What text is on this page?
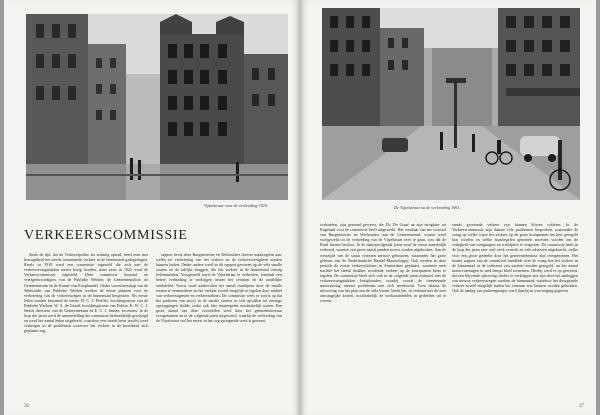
Vijzelstraat voor de verbreding 1916.
VERKEERSCOMMISSIE

Sinds de tijd, dat de Verkeerspolitie als zodanig optrad, heeft men met bezorgdheid het steeds toenemende verkeer in de binnenstad gadegeslagen. Reeds in 1910 werd een commissie ingesteld die zich met de verkeersvraagstukken moest bezig houden, maar eerst in 1922 werd de Verkeerscommissie ingesteld. Deze commissie bestond uit vertegenwoordigers van de Publieke Werken, de Gemeentepolitie, de Gemeentetram en de Kamer van Koophandel. Onder voorzitterschap van de Wethouder van Publieke Werken werden de eerste plannen voor de verbetering van de verkeerswegen in de binnenstad besproken. Als eerste leden werden benoemd de heren: H. C. J. Pfeiffer, hoofdingenieur van de Publieke Werken; W. A. de Graaff, hoofdinspecteur van Politie; K. W. C. J. Smith, directeur van de Gemeentetram en E. C. J. Jansen, secretaris. In de loop der jaren werd de samenstelling der commissie herhaaldelijk gewijzigd en werd het aantal leden uitgebreid, waardoor een steeds beter inzicht werd verkregen in de problemen waarvoor het verkeer in de hoofdstad zich geplaatst zag.

rapport bevat deze Burgemeester en Wethouders diverse maatregelen aan, welke tot verbetering van het verkeer en de verkeersveiligheid zouden kunnen leiden. Onder andere werd in dit rapport gewezen op de vele smalle straten en de talrijke bruggen, die het verkeer in de binnenstad ernstig belemmerden. Voorgesteld werd de Vijzelstraat te verbreden, teneinde een betere verbinding te verkrijgen tussen het centrum en de zuidelijke stadsdelen. Voorts werd aanbevolen het aantal tramlijnen door de smalle straten te verminderen en het verkeer zoveel mogelijk te regelen door middel van verkeersagenten en verkeerstekens. De commissie wees er voorts op dat het parkeren van auto's in de smalle straten in vele gevallen tot ernstige opstoppingen leidde, zodat ook hier maatregelen noodzakelijk waren. Een groot aantal van deze voorstellen werd door het gemeentebestuur overgenomen en in de volgende jaren uitgevoerd, waarbij de verbreding van de Vijzelstraat wel het meest in het oog springende werk is geweest.

36
De Vijzelstraat na de verbreding 1961.

verbonden, zijn getoond geweest, die Dr. De Graaf na zijn terugkeer uit Engeland voor de commissie heeft uitgewerkt. Het resultaat van het voorstel van Burgemeester en Wethouders aan de Gemeenteraad, waarin werd voorgesteld tot de verbreding van de Vijzelstraat over te gaan, was dat de Raad hiertoe besloot. In de daaropvolgende jaren werd de straat aanzienlijk verbreed, waartoe een groot aantal panden moest worden afgebroken. Aan de westzijde van de straat verrezen nieuwe gebouwen, waaronder het grote gebouw van de Nederlandsche Handel-Maatschappij. Ook werden in deze periode de eerste verkeerslichten in Amsterdam geplaatst, waarmee men trachtte het steeds drukker wordende verkeer op de kruispunten beter te regelen. De commissie bleef zich ook in de volgende jaren intensief met de verkeersvraagstukken bezighouden, waarbij vooral de toenemende motorisering nieuwe problemen met zich meebracht. Toen daarna de uitvoering van het plan aan de orde kwam, bleek het, in verband met de zeer omvangrijke kosten, noodzakelijk de werkzaamheden in gedeelten uit te voeren.

steeds groeiende verkeer zou kunnen blijven voldoen. In de Verkeerscommissie zijn daarna vele problemen besproken, waaronder de vraag op welke wijze het verkeer op de grote kruispunten het best geregeld kon worden en welke maatregelen genomen moesten worden om de veiligheid van voetgangers en wielrijders te vergroten. De commissie heeft in de loop der jaren zeer veel werk verricht en vele adviezen uitgebracht, welke voor een groot gedeelte door het gemeentebestuur zijn overgenomen. Het laatste rapport van de commissie handelde over de vraag hoe het verkeer in de binnenstad in de toekomst zou moeten worden geregeld, nu het aantal motorvoertuigen in snel tempo bleef toenemen. Hierbij werd er op gewezen, dat een blijvende oplossing slechts te verkrijgen zou zijn door het aanleggen van nieuwe verkeerswegen rondom de binnenstad, waardoor het doorgaande verkeer zoveel mogelijk buiten het centrum zou kunnen worden gehouden. Ook de aanleg van parkeergarages werd daarbij in overweging gegeven.

37
